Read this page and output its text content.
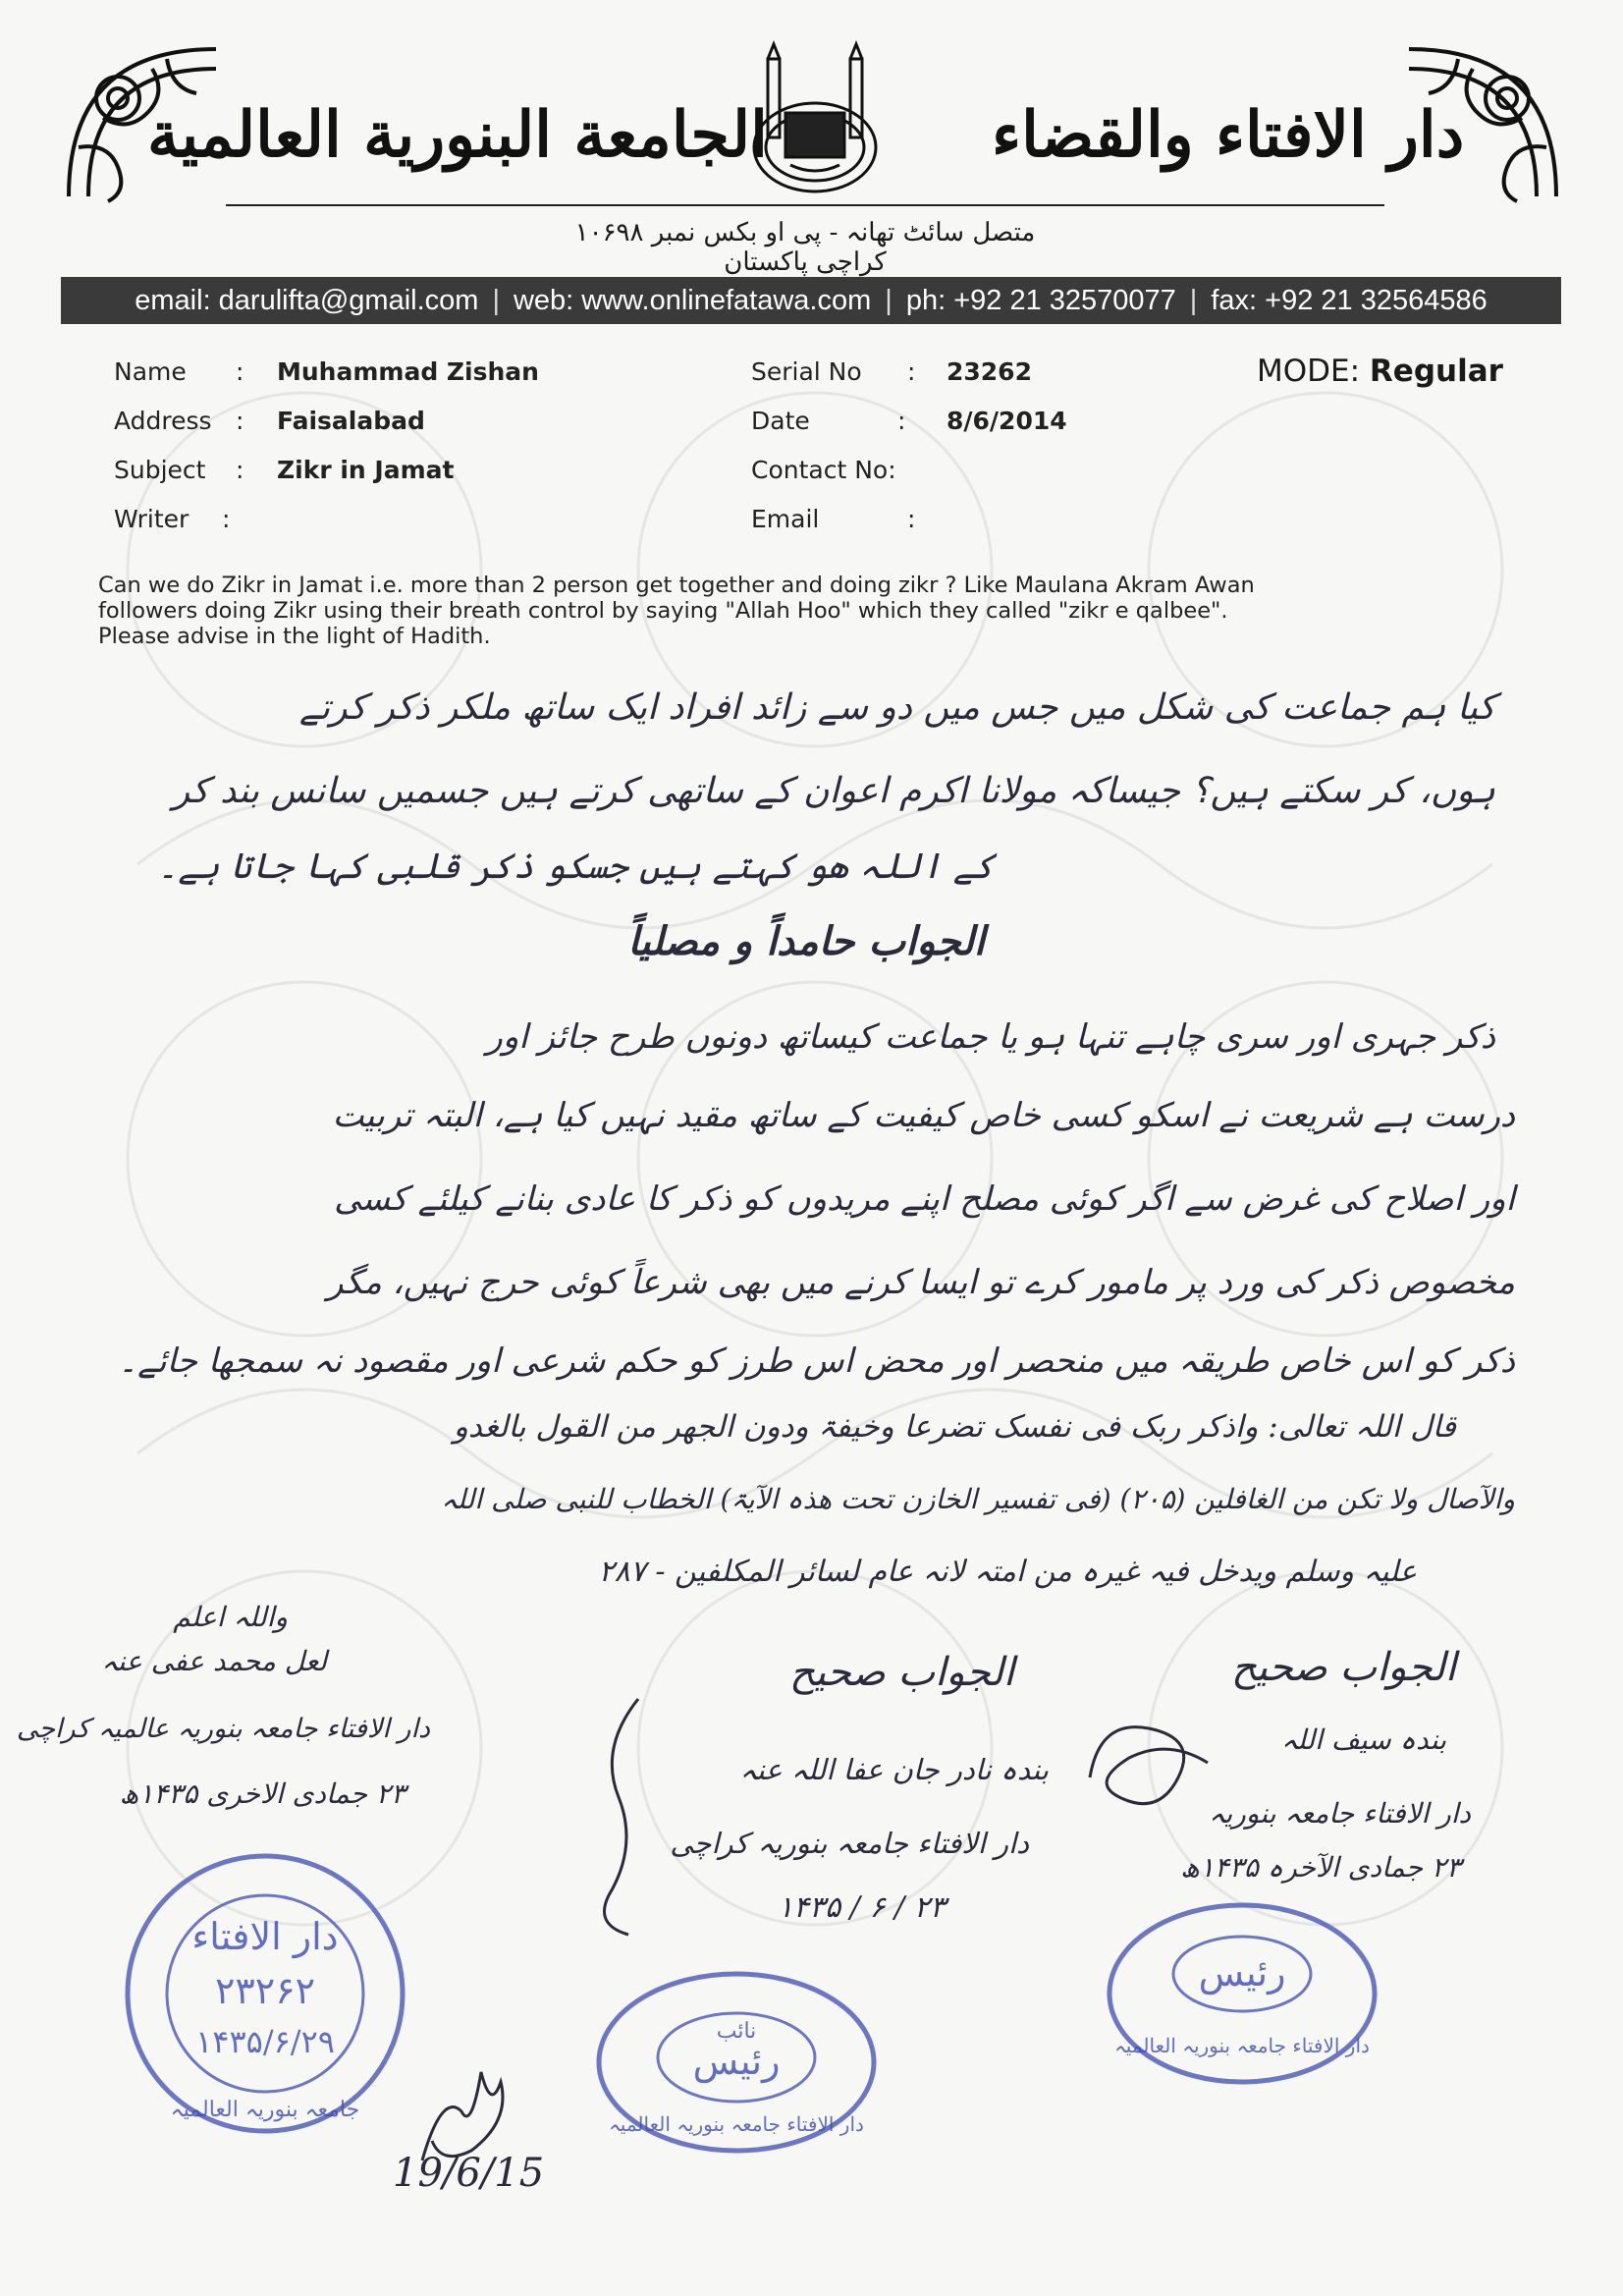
الجامعة البنورية العالمية	دار الافتاء والقضاء
متصل سائٹ تھانہ - پی او بکس نمبر ۱۰۶۹۸ کراچی پاکستان
email: darulifta@gmail.com | web: www.onlinefatawa.com | ph: +92 21 32570077 | fax: +92 21 32564586
Name : Muhammad Zishan
Address : Faisalabad
Subject : Zikr in Jamat
Writer :
Serial No : 23262
Date	: 8/6/2014
Contact No:
Email	:
MODE: Regular
Can we do Zikr in Jamat i.e. more than 2 person get together and doing zikr ? Like Maulana Akram Awan
followers doing Zikr using their breath control by saying "Allah Hoo" which they called "zikr e qalbee".
Please advise in the light of Hadith.
کیا ہم جماعت کی شکل میں جس میں دو سے زائد افراد ایک ساتھ ملکر ذکر کرتے
ہوں، کر سکتے ہیں؟ جیساکہ مولانا اکرم اعوان کے ساتھی کرتے ہیں جسمیں سانس بند کر
کے اللہ ھو کہتے ہیں جسکو ذکر قلبی کہا جاتا ہے۔
الجواب حامداً و مصلیاً
ذکر جہری اور سری چاہے تنہا ہو یا جماعت کیساتھ دونوں طرح جائز اور
درست ہے شریعت نے اسکو کسی خاص کیفیت کے ساتھ مقید نہیں کیا ہے، البتہ تربیت
اور اصلاح کی غرض سے اگر کوئی مصلح اپنے مریدوں کو ذکر کا عادی بنانے کیلئے کسی
مخصوص ذکر کی ورد پر مامور کرے تو ایسا کرنے میں بھی شرعاً کوئی حرج نہیں، مگر
ذکر کو اس خاص طریقہ میں منحصر اور محض اس طرز کو حکم شرعی اور مقصود نہ سمجھا جائے۔
قال اللہ تعالی: واذکر ربک فی نفسک تضرعا وخیفۃ ودون الجھر من القول بالغدو
والآصال ولا تکن من الغافلین (۲۰۵) (فی تفسیر الخازن تحت ھذہ الآیۃ) الخطاب للنبی صلی اللہ
علیہ وسلم ویدخل فیہ غیرہ من امتہ لانہ عام لسائر المکلفین - ۲۸۷
واللہ اعلم
لعل محمد عفی عنہ
دار الافتاء جامعہ بنوریہ عالمیہ کراچی
۲۳ جمادی الاخری ۱۴۳۵ھ
الجواب صحیح
بندہ نادر جان عفا اللہ عنہ
دار الافتاء جامعہ بنوریہ کراچی
۲۳ / ۶ / ۱۴۳۵
الجواب صحیح
بندہ سیف اللہ
دار الافتاء جامعہ بنوریہ
۲۳ جمادی الآخرہ ۱۴۳۵ھ
19/6/15
دار الافتاء
۲۳۲۶۲
۱۴۳۵/۶/۲۹
جامعہ بنوریہ العالمیہ
نائب
رئیس
دار الافتاء جامعہ بنوریہ العالمیہ
رئیس
دار الافتاء جامعہ بنوریہ العالمیہ
